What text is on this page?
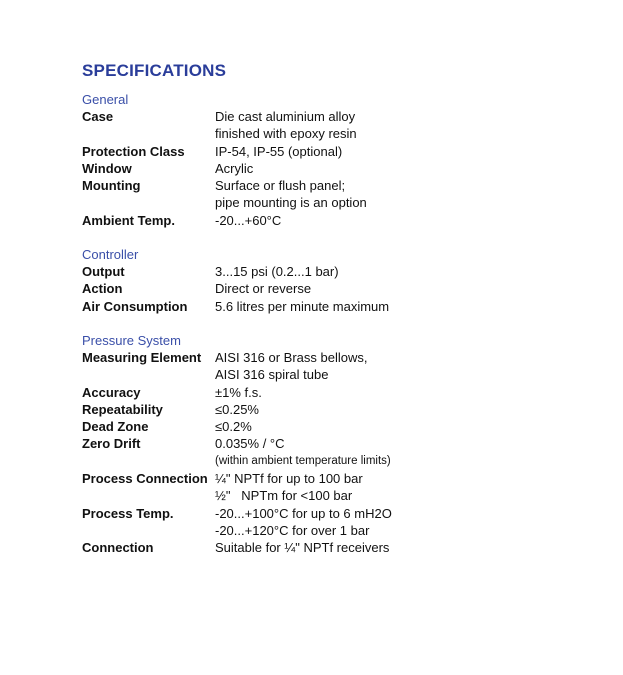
SPECIFICATIONS
General
Case	Die cast aluminium alloy
finished with epoxy resin
Protection Class	IP-54, IP-55 (optional)
Window	Acrylic
Mounting	Surface or flush panel;
pipe mounting is an option
Ambient Temp.	-20...+60°C
Controller
Output	3...15 psi (0.2...1 bar)
Action	Direct or reverse
Air Consumption	5.6 litres per minute maximum
Pressure System
Measuring Element	AISI 316 or Brass bellows,
AISI 316 spiral tube
Accuracy	±1% f.s.
Repeatability	≤0.25%
Dead Zone	≤0.2%
Zero Drift	0.035% / °C
(within ambient temperature limits)
Process Connection ¼" NPTf for up to 100 bar
½"   NPTm for <100 bar
Process Temp.	-20...+100°C for up to 6 mH2O
-20...+120°C for over 1 bar
Connection	Suitable for ¼" NPTf receivers
